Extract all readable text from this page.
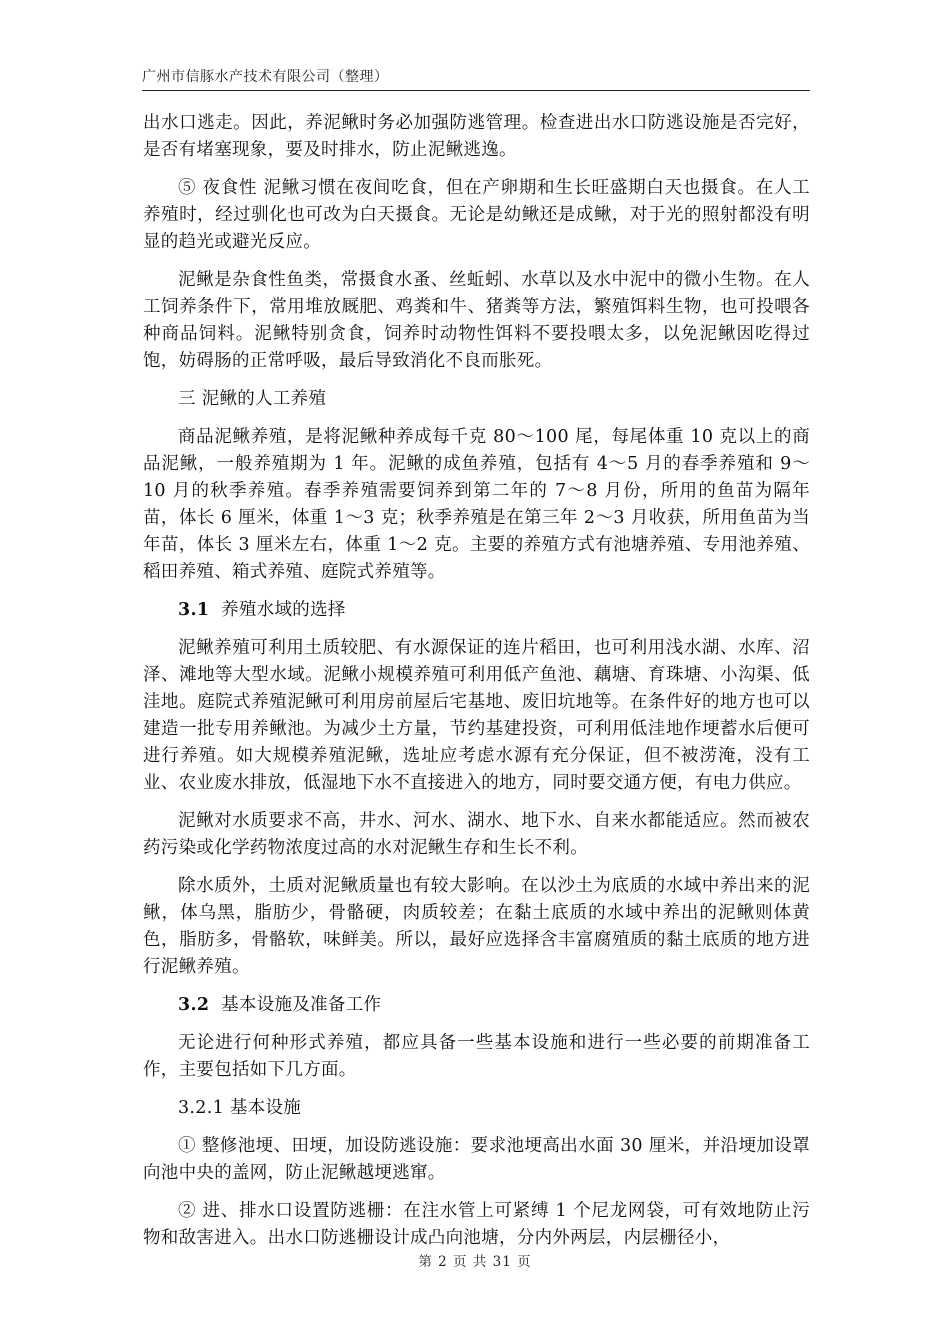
广州市信豚水产技术有限公司（整理）

出水口逃走。因此，养泥鳅时务必加强防逃管理。检查进出水口防逃设施是否完好，是否有堵塞现象，要及时排水，防止泥鳅逃逸。

⑤ 夜食性 泥鳅习惯在夜间吃食，但在产卵期和生长旺盛期白天也摄食。在人工养殖时，经过驯化也可改为白天摄食。无论是幼鳅还是成鳅，对于光的照射都没有明显的趋光或避光反应。

泥鳅是杂食性鱼类，常摄食水蚤、丝蚯蚓、水草以及水中泥中的微小生物。在人工饲养条件下，常用堆放厩肥、鸡粪和牛、猪粪等方法，繁殖饵料生物，也可投喂各种商品饲料。泥鳅特别贪食，饲养时动物性饵料不要投喂太多，以免泥鳅因吃得过饱，妨碍肠的正常呼吸，最后导致消化不良而胀死。

三 泥鳅的人工养殖

商品泥鳅养殖，是将泥鳅种养成每千克 80～100 尾，每尾体重 10 克以上的商品泥鳅，一般养殖期为 1 年。泥鳅的成鱼养殖，包括有 4～5 月的春季养殖和 9～10 月的秋季养殖。春季养殖需要饲养到第二年的 7～8 月份，所用的鱼苗为隔年苗，体长 6 厘米，体重 1～3 克；秋季养殖是在第三年 2～3 月收获，所用鱼苗为当年苗，体长 3 厘米左右，体重 1～2 克。主要的养殖方式有池塘养殖、专用池养殖、稻田养殖、箱式养殖、庭院式养殖等。

3.1 养殖水域的选择

泥鳅养殖可利用土质较肥、有水源保证的连片稻田，也可利用浅水湖、水库、沼泽、滩地等大型水域。泥鳅小规模养殖可利用低产鱼池、藕塘、育珠塘、小沟渠、低洼地。庭院式养殖泥鳅可利用房前屋后宅基地、废旧坑地等。在条件好的地方也可以建造一批专用养鳅池。为减少土方量，节约基建投资，可利用低洼地作埂蓄水后便可进行养殖。如大规模养殖泥鳅，选址应考虑水源有充分保证，但不被涝淹，没有工业、农业废水排放，低湿地下水不直接进入的地方，同时要交通方便，有电力供应。

泥鳅对水质要求不高，井水、河水、湖水、地下水、自来水都能适应。然而被农药污染或化学药物浓度过高的水对泥鳅生存和生长不利。

除水质外，土质对泥鳅质量也有较大影响。在以沙土为底质的水域中养出来的泥鳅，体乌黑，脂肪少，骨骼硬，肉质较差；在黏土底质的水域中养出的泥鳅则体黄色，脂肪多，骨骼软，味鲜美。所以，最好应选择含丰富腐殖质的黏土底质的地方进行泥鳅养殖。

3.2 基本设施及准备工作

无论进行何种形式养殖，都应具备一些基本设施和进行一些必要的前期准备工作，主要包括如下几方面。

3.2.1 基本设施

① 整修池埂、田埂，加设防逃设施：要求池埂高出水面 30 厘米，并沿埂加设罩向池中央的盖网，防止泥鳅越埂逃窜。

② 进、排水口设置防逃栅：在注水管上可紧缚 1 个尼龙网袋，可有效地防止污物和敌害进入。出水口防逃栅设计成凸向池塘，分内外两层，内层栅径小，

第 2 页 共 31 页
